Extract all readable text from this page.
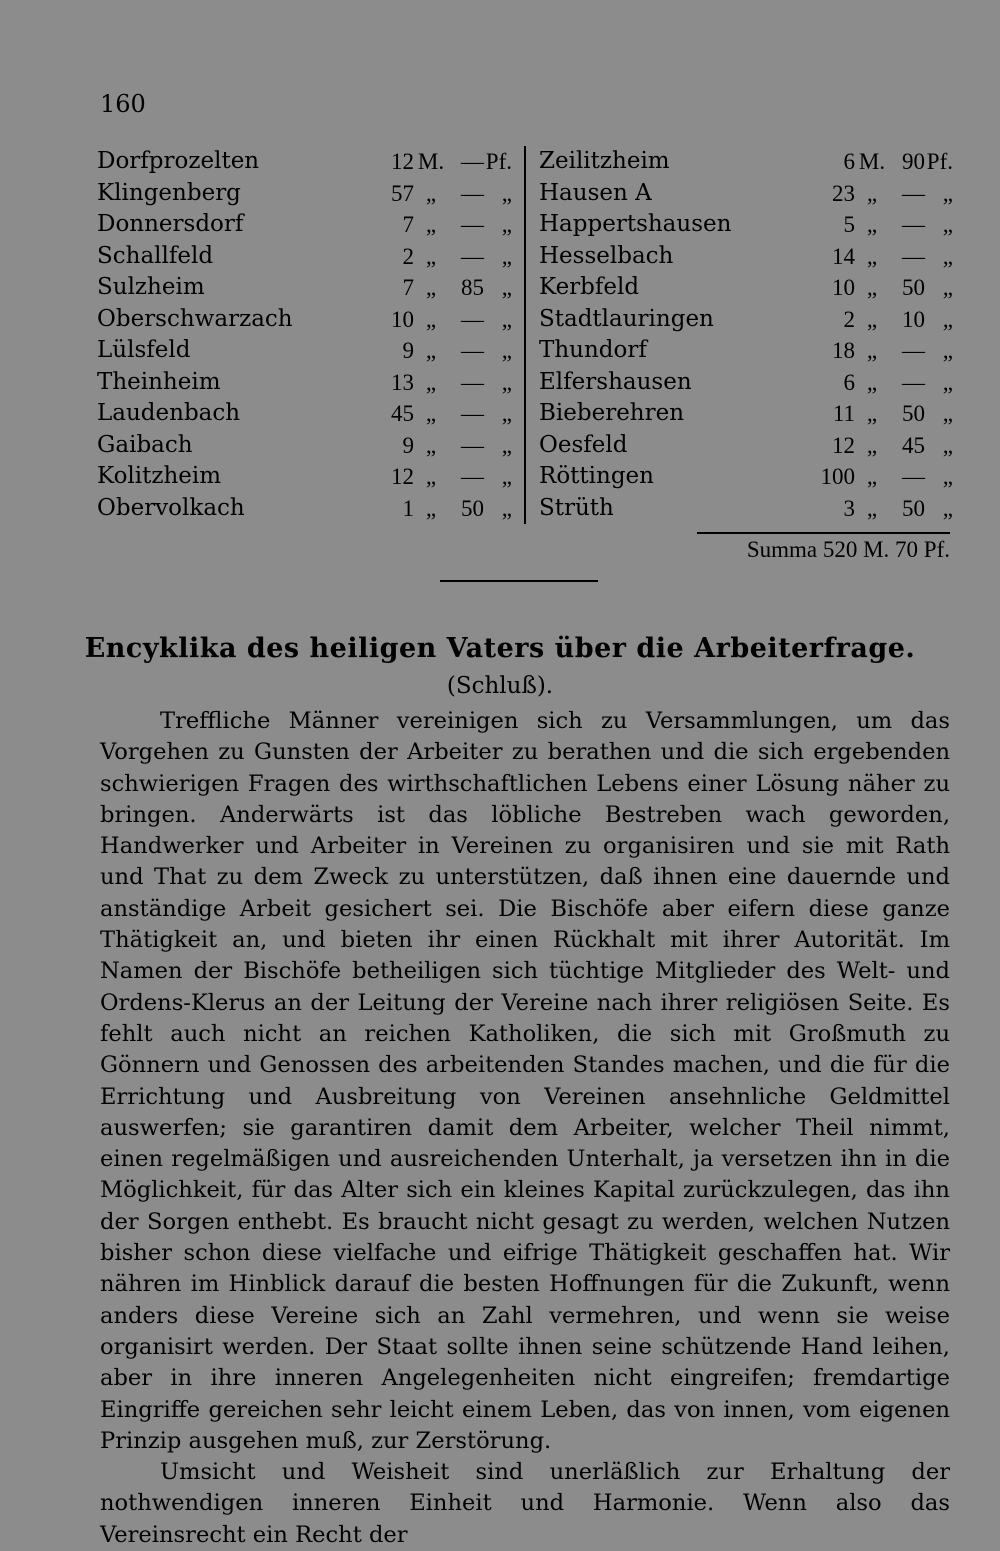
160
Dorfprozelten	12 M. —Pf.
Klingenberg	57 „ — „
Donnersdorf	7 „ — „
Schallfeld	2 „ — „
Sulzheim	7 „ 85 „
Oberschwarzach	10 „ — „
Lülsfeld	9 „ — „
Theinheim	13 „ — „
Laudenbach	45 „ — „
Gaibach	9 „ — „
Kolitzheim	12 „ — „
Obervolkach	1 „ 50 „
Zeilitzheim	6 M. 90Pf.
Hausen A	23 „ — „
Happertshausen	5 „ — „
Hesselbach	14 „ — „
Kerbfeld	10 „ 50 „
Stadtlauringen	2 „ 10 „
Thundorf	18 „ — „
Elfershausen	6 „ — „
Bieberehren	11 „ 50 „
Oesfeld	12 „ 45 „
Röttingen	100 „ — „
Strüth	3 „ 50 „
Summa 520 M. 70 Pf.
Encyklika des heiligen Vaters über die Arbeiterfrage.
(Schluß).

Treffliche Männer vereinigen sich zu Versammlungen, um das Vorgehen zu Gunsten der Arbeiter zu berathen und die sich ergebenden schwierigen Fragen des wirthschaftlichen Lebens einer Lösung näher zu bringen. Anderwärts ist das löbliche Bestreben wach geworden, Handwerker und Arbeiter in Vereinen zu organisiren und sie mit Rath und That zu dem Zweck zu unterstützen, daß ihnen eine dauernde und anständige Arbeit gesichert sei. Die Bischöfe aber eifern diese ganze Thätigkeit an, und bieten ihr einen Rückhalt mit ihrer Autorität. Im Namen der Bischöfe betheiligen sich tüchtige Mitglieder des Welt- und Ordens-Klerus an der Leitung der Vereine nach ihrer religiösen Seite. Es fehlt auch nicht an reichen Katholiken, die sich mit Großmuth zu Gönnern und Genossen des arbeitenden Standes machen, und die für die Errichtung und Ausbreitung von Vereinen ansehnliche Geldmittel auswerfen; sie garantiren damit dem Arbeiter, welcher Theil nimmt, einen regelmäßigen und ausreichenden Unterhalt, ja versetzen ihn in die Möglichkeit, für das Alter sich ein kleines Kapital zurückzulegen, das ihn der Sorgen enthebt. Es braucht nicht gesagt zu werden, welchen Nutzen bisher schon diese vielfache und eifrige Thätigkeit geschaffen hat. Wir nähren im Hinblick darauf die besten Hoffnungen für die Zukunft, wenn anders diese Vereine sich an Zahl vermehren, und wenn sie weise organisirt werden. Der Staat sollte ihnen seine schützende Hand leihen, aber in ihre inneren Angelegenheiten nicht eingreifen; fremdartige Eingriffe gereichen sehr leicht einem Leben, das von innen, vom eigenen Prinzip ausgehen muß, zur Zerstörung.

Umsicht und Weisheit sind unerläßlich zur Erhaltung der nothwendigen inneren Einheit und Harmonie. Wenn also das Vereinsrecht ein Recht der
